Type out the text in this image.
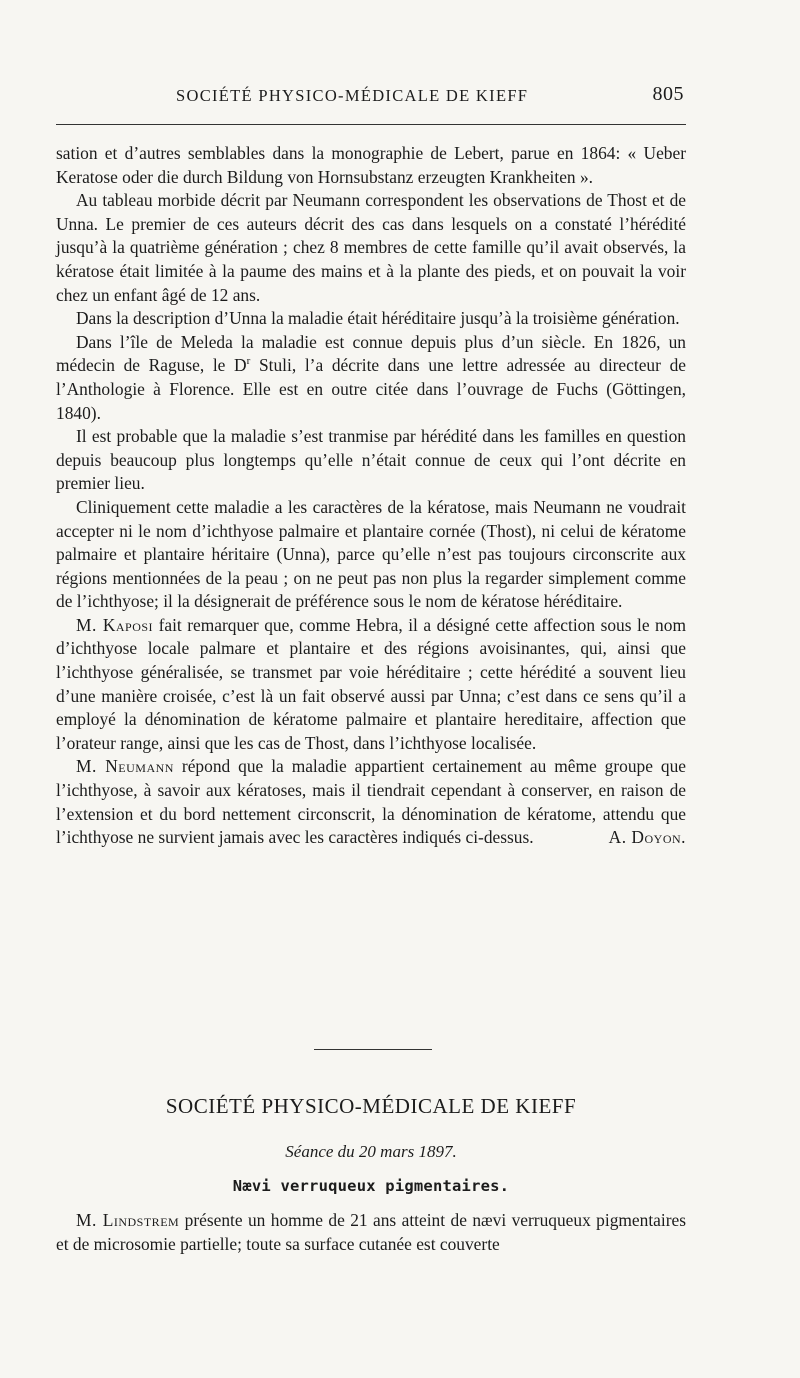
SOCIÉTÉ PHYSICO-MÉDICALE DE KIEFF	805

sation et d’autres semblables dans la monographie de Lebert, parue en 1864: « Ueber Keratose oder die durch Bildung von Hornsubstanz erzeugten Krankheiten ».

Au tableau morbide décrit par Neumann correspondent les observations de Thost et de Unna. Le premier de ces auteurs décrit des cas dans lesquels on a constaté l’hérédité jusqu’à la quatrième génération ; chez 8 membres de cette famille qu’il avait observés, la kératose était limitée à la paume des mains et à la plante des pieds, et on pouvait la voir chez un enfant âgé de 12 ans.

Dans la description d’Unna la maladie était héréditaire jusqu’à la troisième génération.

Dans l’île de Meleda la maladie est connue depuis plus d’un siècle. En 1826, un médecin de Raguse, le $D^r$ Stuli, l’a décrite dans une lettre adressée au directeur de l’Anthologie à Florence. Elle est en outre citée dans l’ouvrage de Fuchs (Göttingen, 1840).

Il est probable que la maladie s’est tranmise par hérédité dans les familles en question depuis beaucoup plus longtemps qu’elle n’était connue de ceux qui l’ont décrite en premier lieu.

Cliniquement cette maladie a les caractères de la kératose, mais Neumann ne voudrait accepter ni le nom d’ichthyose palmaire et plantaire cornée (Thost), ni celui de kératome palmaire et plantaire héritaire (Unna), parce qu’elle n’est pas toujours circonscrite aux régions mentionnées de la peau ; on ne peut pas non plus la regarder simplement comme de l’ichthyose; il la désignerait de préférence sous le nom de kératose héréditaire.

M. Kaposi fait remarquer que, comme Hebra, il a désigné cette affection sous le nom d’ichthyose locale palmare et plantaire et des régions avoisinantes, qui, ainsi que l’ichthyose généralisée, se transmet par voie héréditaire ; cette hérédité a souvent lieu d’une manière croisée, c’est là un fait observé aussi par Unna; c’est dans ce sens qu’il a employé la dénomination de kératome palmaire et plantaire hereditaire, affection que l’orateur range, ainsi que les cas de Thost, dans l’ichthyose localisée.

M. Neumann répond que la maladie appartient certainement au même groupe que l’ichthyose, à savoir aux kératoses, mais il tiendrait cependant à conserver, en raison de l’extension et du bord nettement circonscrit, la dénomination de kératome, attendu que l’ichthyose ne survient jamais avec les caractères indiqués ci-dessus.	A. Doyon.

SOCIÉTÉ PHYSICO-MÉDICALE DE KIEFF
Séance du 20 mars 1897.
Nævi verruqueux pigmentaires.

M. Lindstrem présente un homme de 21 ans atteint de nævi verruqueux pigmentaires et de microsomie partielle; toute sa surface cutanée est couverte
